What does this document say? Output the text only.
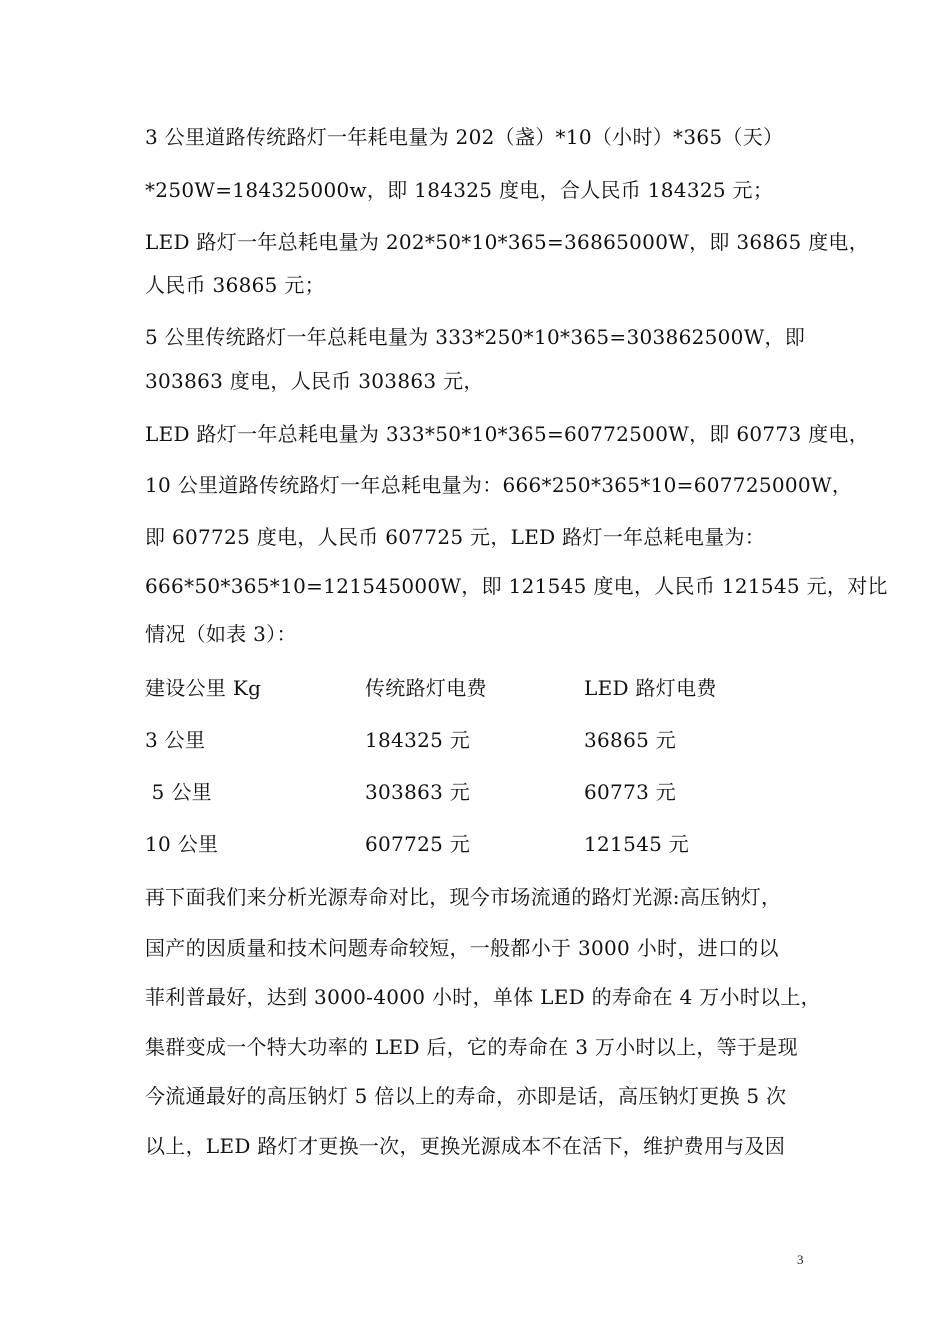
3 公里道路传统路灯一年耗电量为 202（盏）*10（小时）*365（天）
*250W=184325000w，即 184325 度电，合人民币 184325 元；
LED 路灯一年总耗电量为 202*50*10*365=36865000W，即 36865 度电，
人民币 36865 元；
5 公里传统路灯一年总耗电量为 333*250*10*365=303862500W，即
303863 度电，人民币 303863 元，
LED 路灯一年总耗电量为 333*50*10*365=60772500W，即 60773 度电，
10 公里道路传统路灯一年总耗电量为：666*250*365*10=607725000W，
即 607725 度电，人民币 607725 元，LED 路灯一年总耗电量为：
666*50*365*10=121545000W，即 121545 度电，人民币 121545 元，对比
情况（如表 3）：
建设公里 Kg	传统路灯电费	LED 路灯电费
3 公里	184325 元	36865 元
5 公里	303863 元	60773 元
10 公里	607725 元	121545 元
再下面我们来分析光源寿命对比，现今市场流通的路灯光源:高压钠灯，
国产的因质量和技术问题寿命较短，一般都小于 3000 小时，进口的以
菲利普最好，达到 3000-4000 小时，单体 LED 的寿命在 4 万小时以上，
集群变成一个特大功率的 LED 后，它的寿命在 3 万小时以上，等于是现
今流通最好的高压钠灯 5 倍以上的寿命，亦即是话，高压钠灯更换 5 次
以上，LED 路灯才更换一次，更换光源成本不在活下，维护费用与及因
3
